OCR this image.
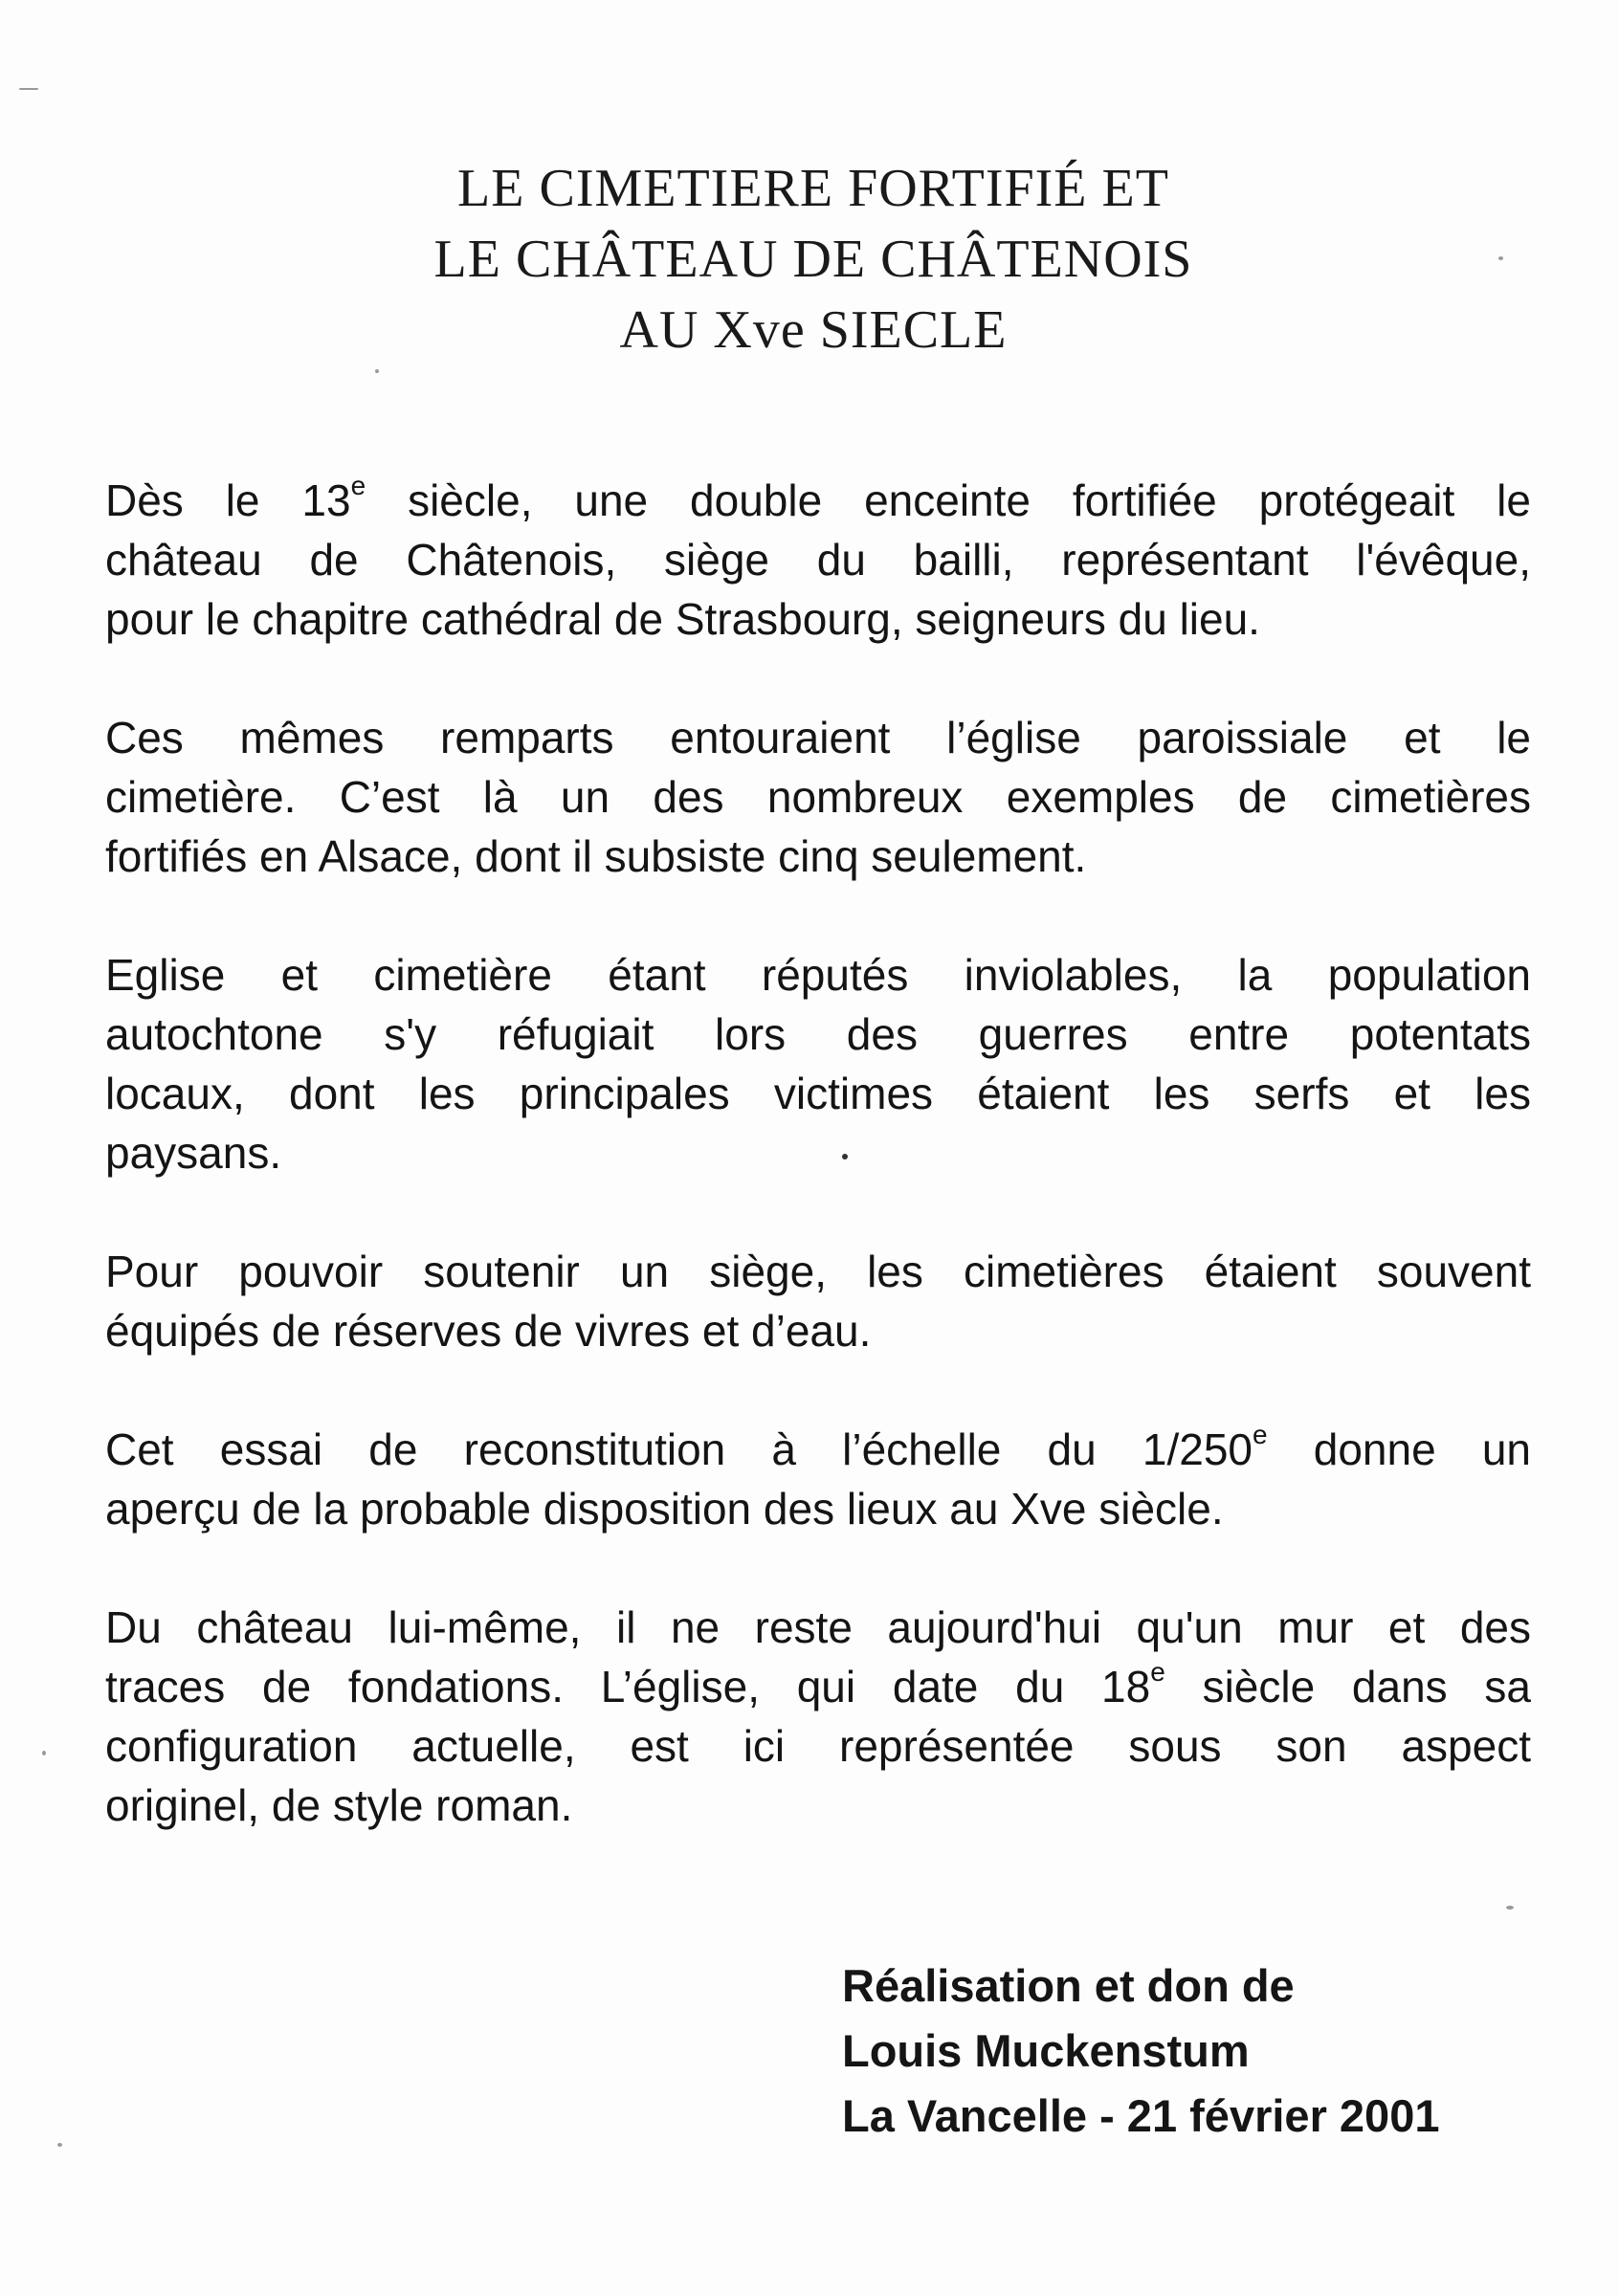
LE CIMETIERE FORTIFIÉ ET
LE CHÂTEAU DE CHÂTENOIS
AU Xve SIECLE

Dès le 13e siècle, une double enceinte fortifiée protégeait le
château de Châtenois, siège du bailli, représentant l'évêque,
pour le chapitre cathédral de Strasbourg, seigneurs du lieu.

Ces mêmes remparts entouraient l’église paroissiale et le
cimetière. C’est là un des nombreux exemples de cimetières
fortifiés en Alsace, dont il subsiste cinq seulement.

Eglise et cimetière étant réputés inviolables, la population
autochtone s'y réfugiait lors des guerres entre potentats
locaux, dont les principales victimes étaient les serfs et les
paysans.

Pour pouvoir soutenir un siège, les cimetières étaient souvent
équipés de réserves de vivres et d’eau.

Cet essai de reconstitution à l’échelle du 1/250e donne un
aperçu de la probable disposition des lieux au Xve siècle.

Du château lui-même, il ne reste aujourd'hui qu'un mur et des
traces de fondations. L’église, qui date du 18e siècle dans sa
configuration actuelle, est ici représentée sous son aspect
originel, de style roman.

Réalisation et don de
Louis Muckenstum
La Vancelle - 21 février 2001
